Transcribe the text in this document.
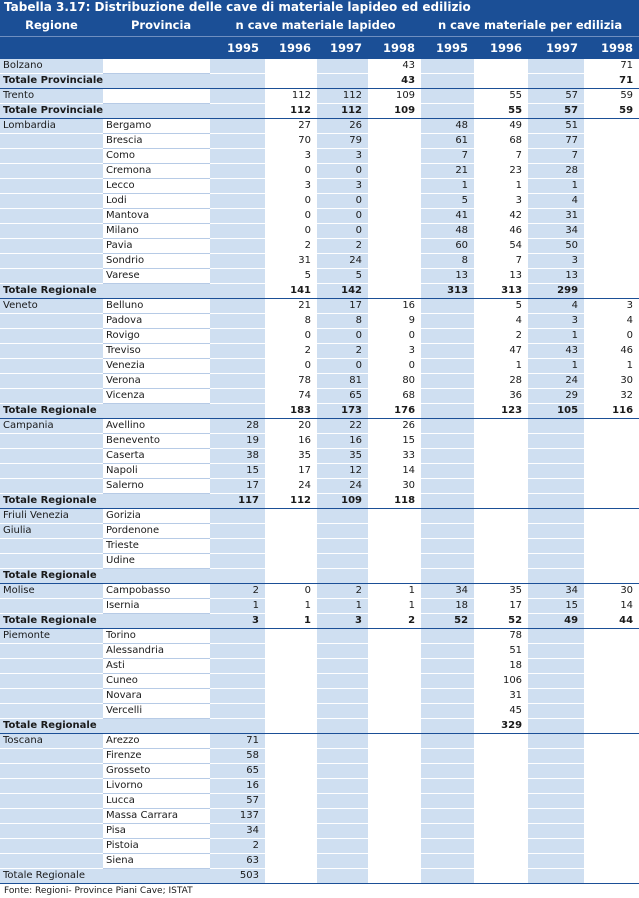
Tabella 3.17: Distribuzione delle cave di materiale lapideo ed edilizio
Regione	Provincia	n cave materiale lapideo				n cave materiale per edilizia			
		1995	1996	1997	1998	1995	1996	1997	1998
Bolzano					43				71
Totale Provinciale					43				71
Trento			112	112	109		55	57	59
Totale Provinciale			112	112	109		55	57	59
Lombardia	Bergamo		27	26		48	49	51	
	Brescia		70	79		61	68	77	
	Como		3	3		7	7	7	
	Cremona		0	0		21	23	28	
	Lecco		3	3		1	1	1	
	Lodi		0	0		5	3	4	
	Mantova		0	0		41	42	31	
	Milano		0	0		48	46	34	
	Pavia		2	2		60	54	50	
	Sondrio		31	24		8	7	3	
	Varese		5	5		13	13	13	
Totale Regionale			141	142		313	313	299	
Veneto	Belluno		21	17	16		5	4	3
	Padova		8	8	9		4	3	4
	Rovigo		0	0	0		2	1	0
	Treviso		2	2	3		47	43	46
	Venezia		0	0	0		1	1	1
	Verona		78	81	80		28	24	30
	Vicenza		74	65	68		36	29	32
Totale Regionale			183	173	176		123	105	116
Campania	Avellino	28	20	22	26				
	Benevento	19	16	16	15				
	Caserta	38	35	35	33				
	Napoli	15	17	12	14				
	Salerno	17	24	24	30				
Totale Regionale		117	112	109	118				
Friuli Venezia	Gorizia								
Giulia	Pordenone								
	Trieste								
	Udine								
Totale Regionale									
Molise	Campobasso	2	0	2	1	34	35	34	30
	Isernia	1	1	1	1	18	17	15	14
Totale Regionale		3	1	3	2	52	52	49	44
Piemonte	Torino						78		
	Alessandria						51		
	Asti						18		
	Cuneo						106		
	Novara						31		
	Vercelli						45		
Totale Regionale							329		
Toscana	Arezzo	71							
	Firenze	58							
	Grosseto	65							
	Livorno	16							
	Lucca	57							
	Massa Carrara	137							
	Pisa	34							
	Pistoia	2							
	Siena	63							
Totale Regionale		503							
Fonte: Regioni- Province Piani Cave; ISTAT
